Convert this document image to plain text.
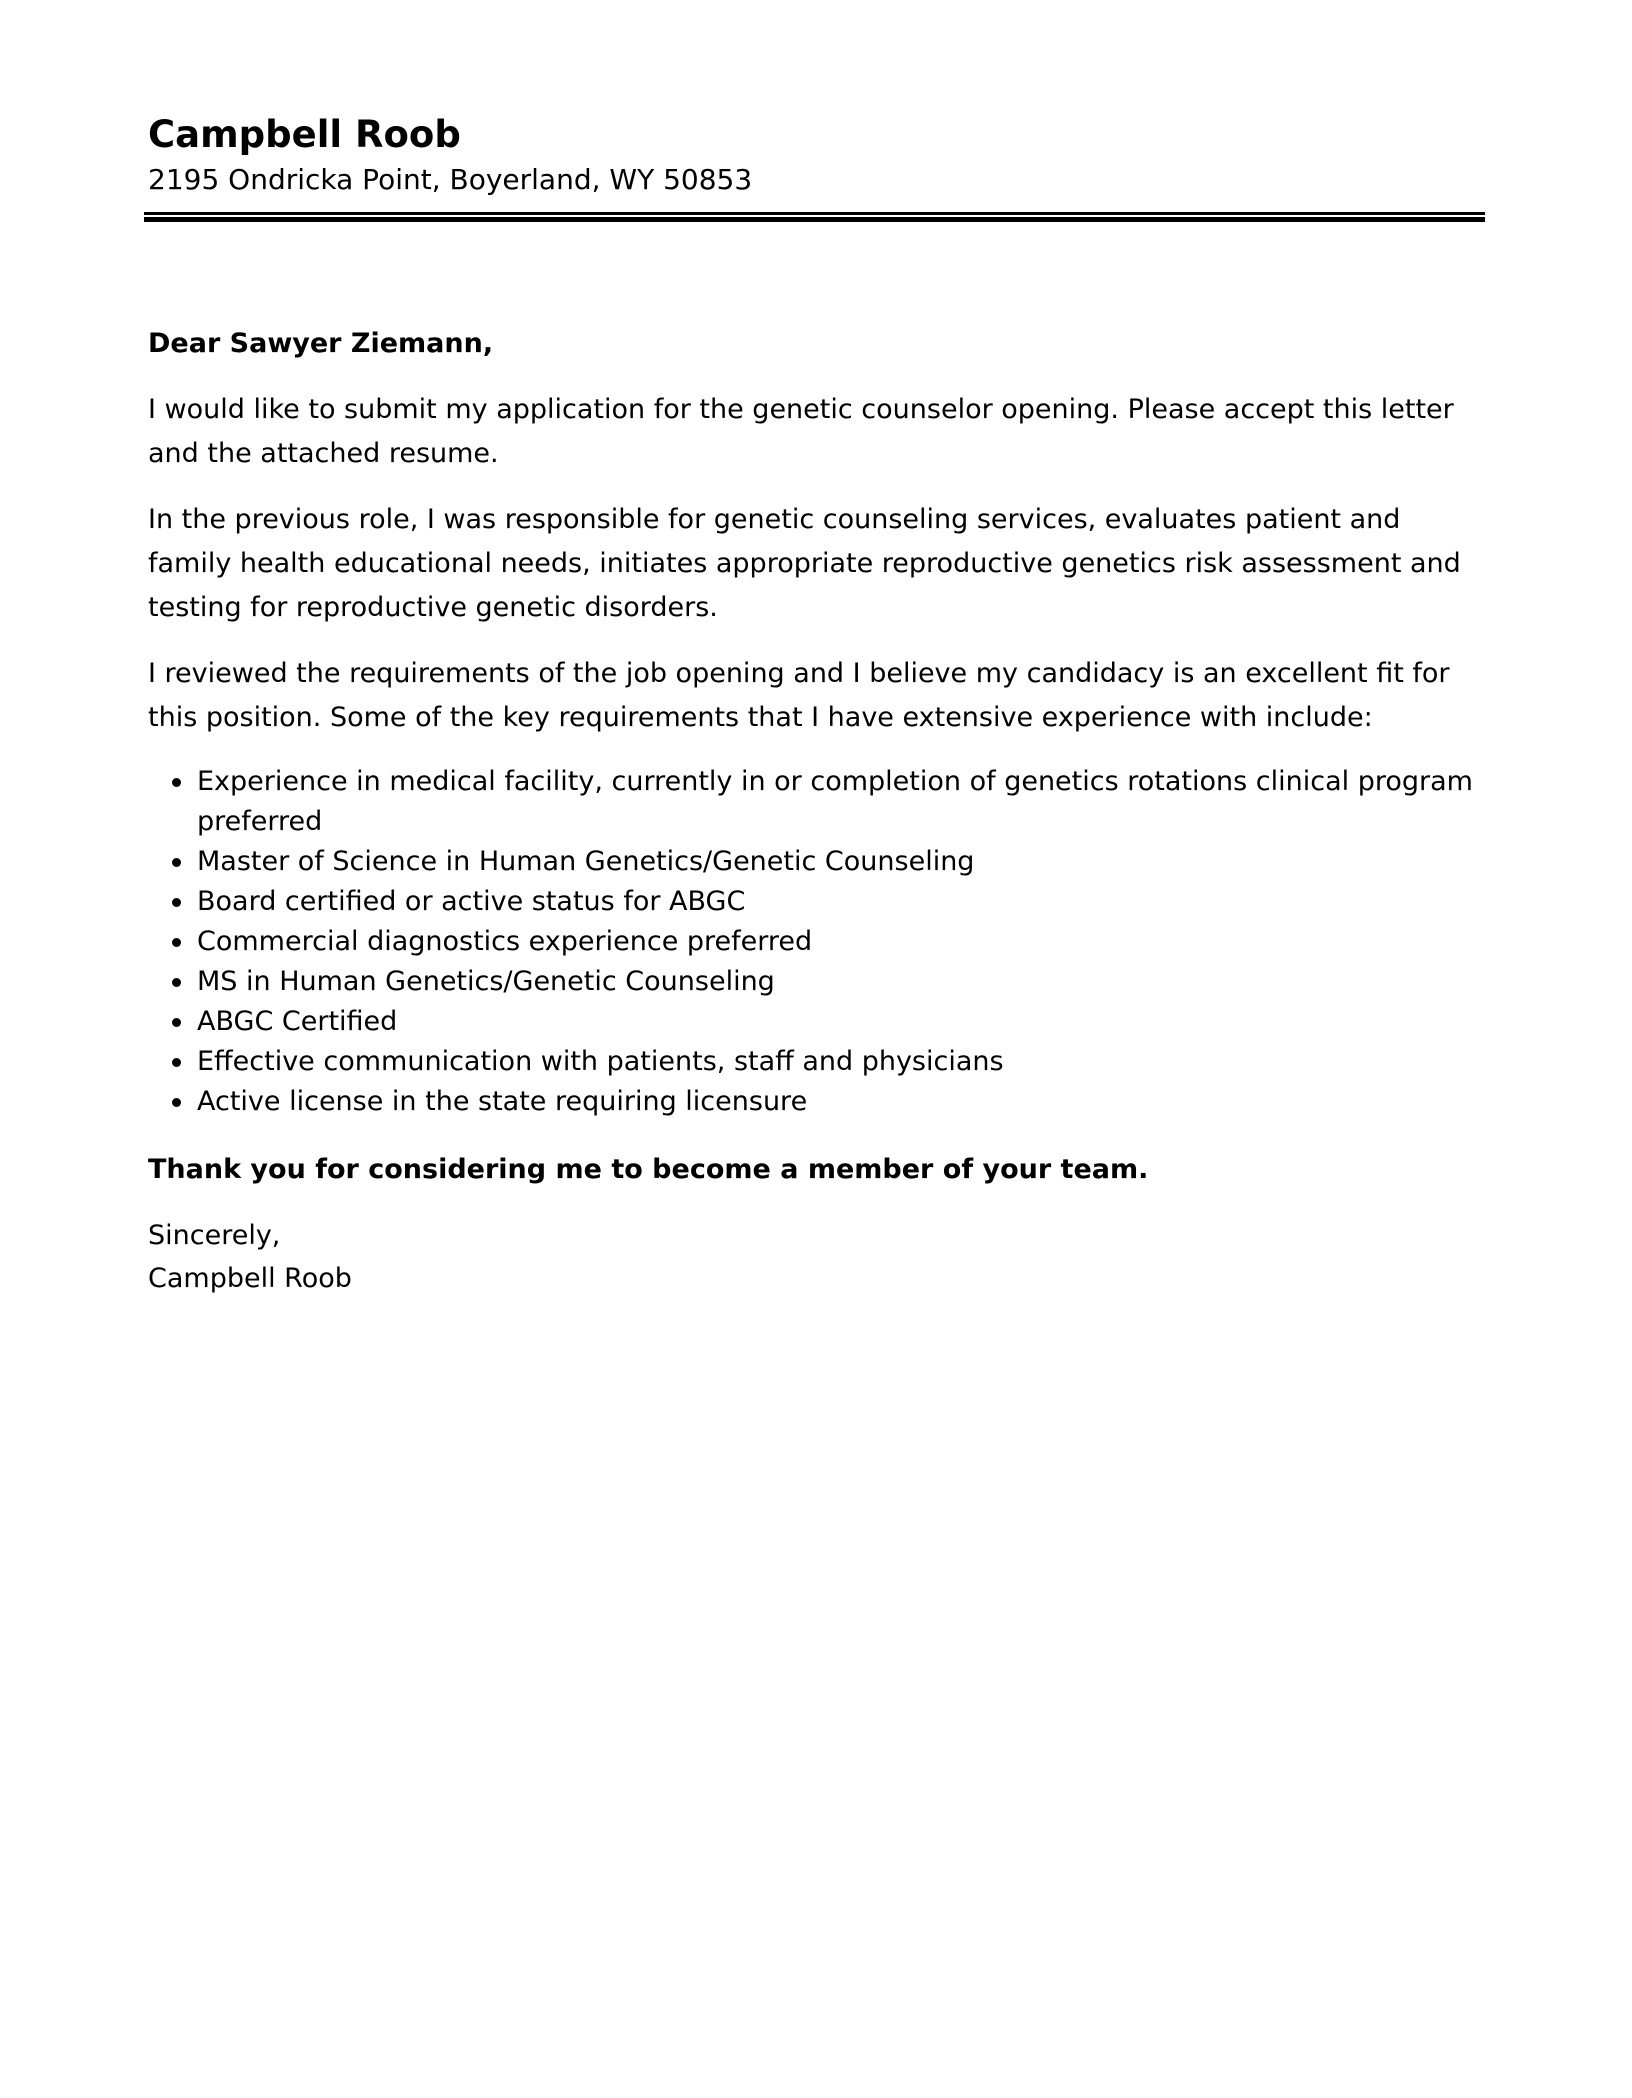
Campbell Roob

2195 Ondricka Point, Boyerland, WY 50853

Dear Sawyer Ziemann,

I would like to submit my application for the genetic counselor opening. Please accept this letter and the attached resume.

In the previous role, I was responsible for genetic counseling services, evaluates patient and family health educational needs, initiates appropriate reproductive genetics risk assessment and testing for reproductive genetic disorders.

I reviewed the requirements of the job opening and I believe my candidacy is an excellent fit for this position. Some of the key requirements that I have extensive experience with include:

Experience in medical facility, currently in or completion of genetics rotations clinical program preferred
Master of Science in Human Genetics/Genetic Counseling
Board certified or active status for ABGC
Commercial diagnostics experience preferred
MS in Human Genetics/Genetic Counseling
ABGC Certified
Effective communication with patients, staff and physicians
Active license in the state requiring licensure

Thank you for considering me to become a member of your team.

Sincerely,
Campbell Roob
